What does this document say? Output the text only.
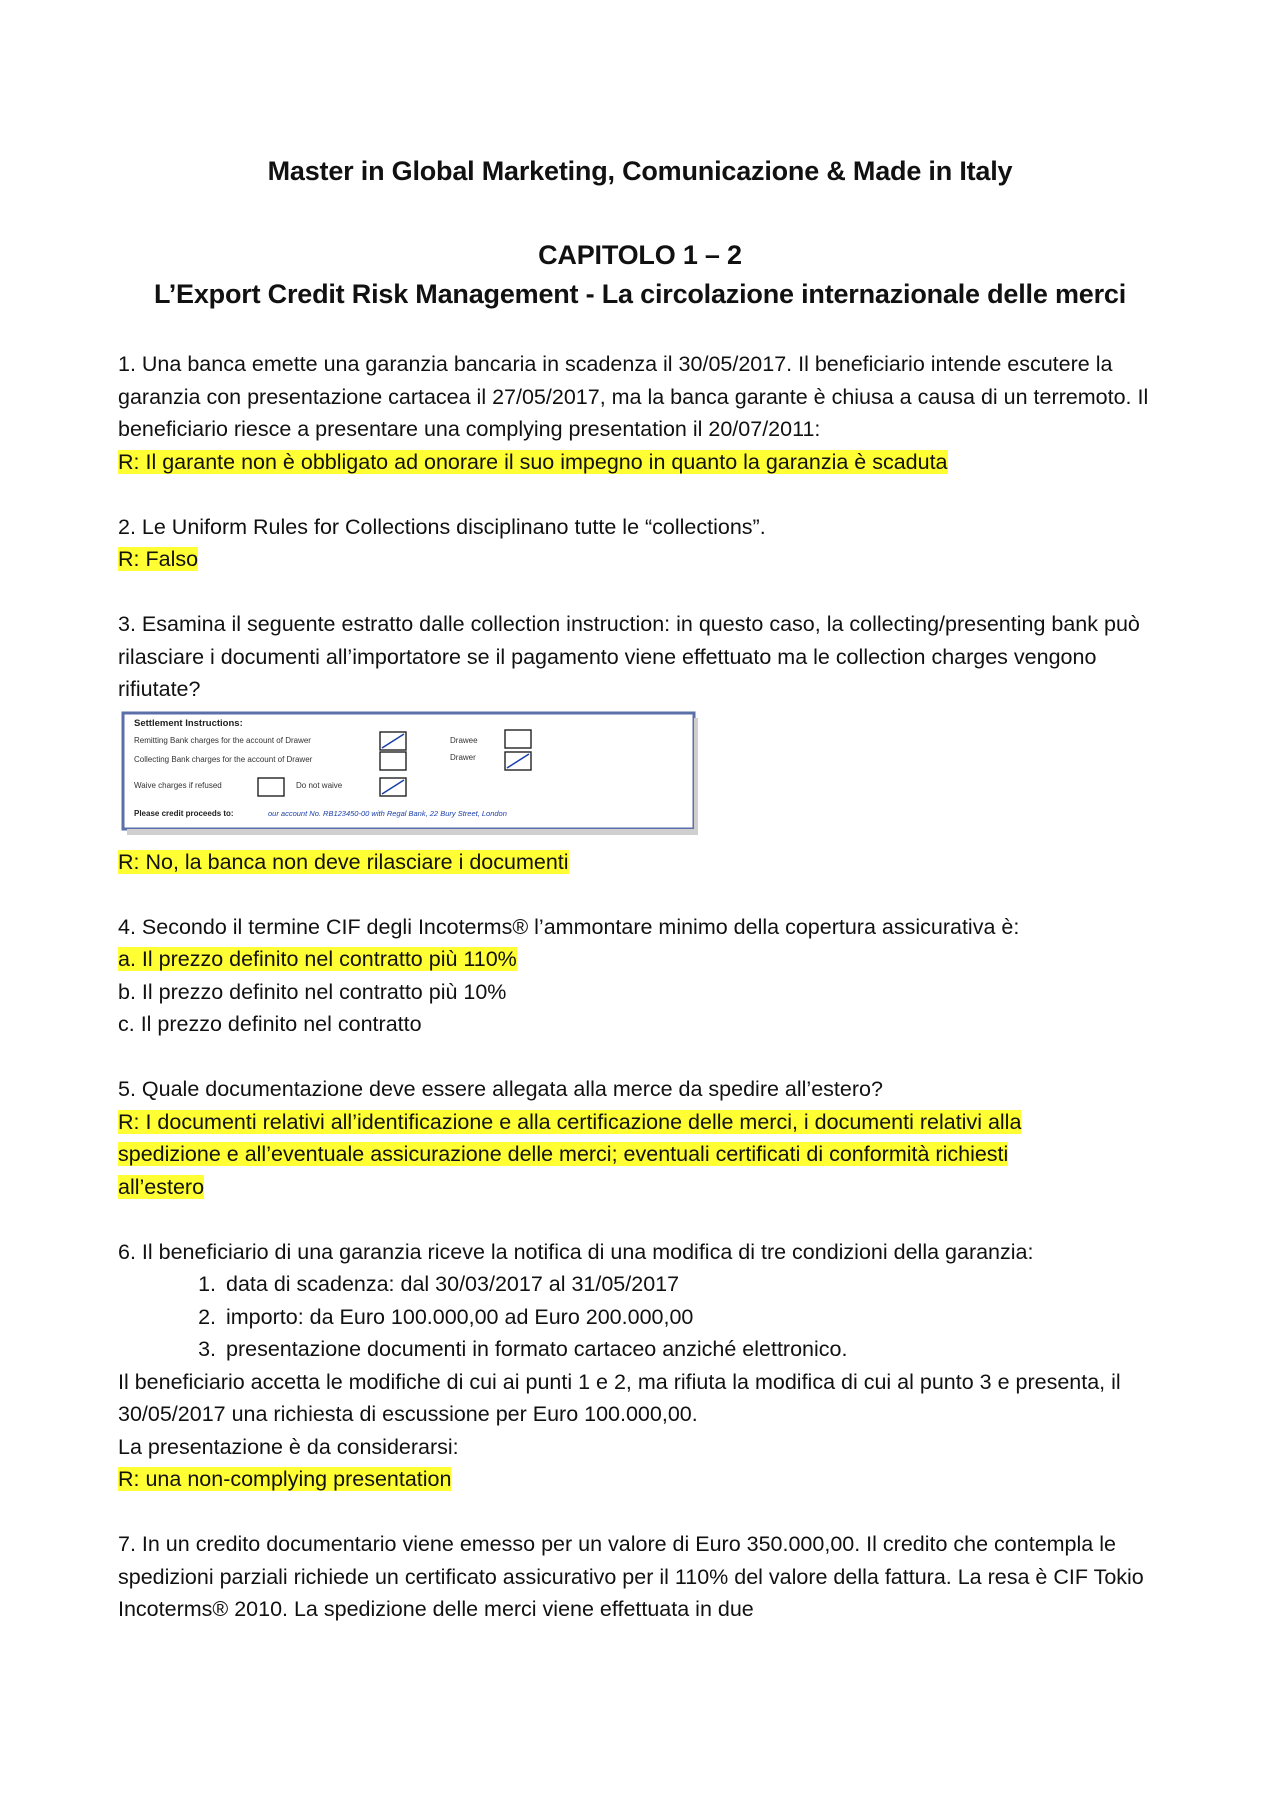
Master in Global Marketing, Comunicazione & Made in Italy
CAPITOLO 1 – 2
L’Export Credit Risk Management - La circolazione internazionale delle merci

1. Una banca emette una garanzia bancaria in scadenza il 30/05/2017. Il beneficiario intende escutere la garanzia con presentazione cartacea il 27/05/2017, ma la banca garante è chiusa a causa di un terremoto. Il beneficiario riesce a presentare una complying presentation il 20/07/2011:

R: Il garante non è obbligato ad onorare il suo impegno in quanto la garanzia è scaduta

2. Le Uniform Rules for Collections disciplinano tutte le “collections”.

R: Falso

3. Esamina il seguente estratto dalle collection instruction: in questo caso, la collecting/presenting bank può rilasciare i documenti all’importatore se il pagamento viene effettuato ma le collection charges vengono rifiutate?

Settlement Instructions:
Remitting Bank charges for the account of Drawer	Drawee
Collecting Bank charges for the account of Drawer	Drawer
Waive charges if refused	Do not waive
Please credit proceeds to:	our account No. RB123450-00 with Regal Bank, 22 Bury Street, London

R: No, la banca non deve rilasciare i documenti

4. Secondo il termine CIF degli Incoterms® l’ammontare minimo della copertura assicurativa è:

a. Il prezzo definito nel contratto più 110%

b. Il prezzo definito nel contratto più 10%

c. Il prezzo definito nel contratto

5. Quale documentazione deve essere allegata alla merce da spedire all’estero?

R: I documenti relativi all’identificazione e alla certificazione delle merci, i documenti relativi alla

spedizione e all’eventuale assicurazione delle merci; eventuali certificati di conformità richiesti

all’estero

6. Il beneficiario di una garanzia riceve la notifica di una modifica di tre condizioni della garanzia:

1. data di scadenza: dal 30/03/2017 al 31/05/2017
2. importo: da Euro 100.000,00 ad Euro 200.000,00
3. presentazione documenti in formato cartaceo anziché elettronico.

Il beneficiario accetta le modifiche di cui ai punti 1 e 2, ma rifiuta la modifica di cui al punto 3 e presenta, il 30/05/2017 una richiesta di escussione per Euro 100.000,00.

La presentazione è da considerarsi:

R: una non-complying presentation

7. In un credito documentario viene emesso per un valore di Euro 350.000,00. Il credito che contempla le spedizioni parziali richiede un certificato assicurativo per il 110% del valore della fattura. La resa è CIF Tokio Incoterms® 2010. La spedizione delle merci viene effettuata in due
